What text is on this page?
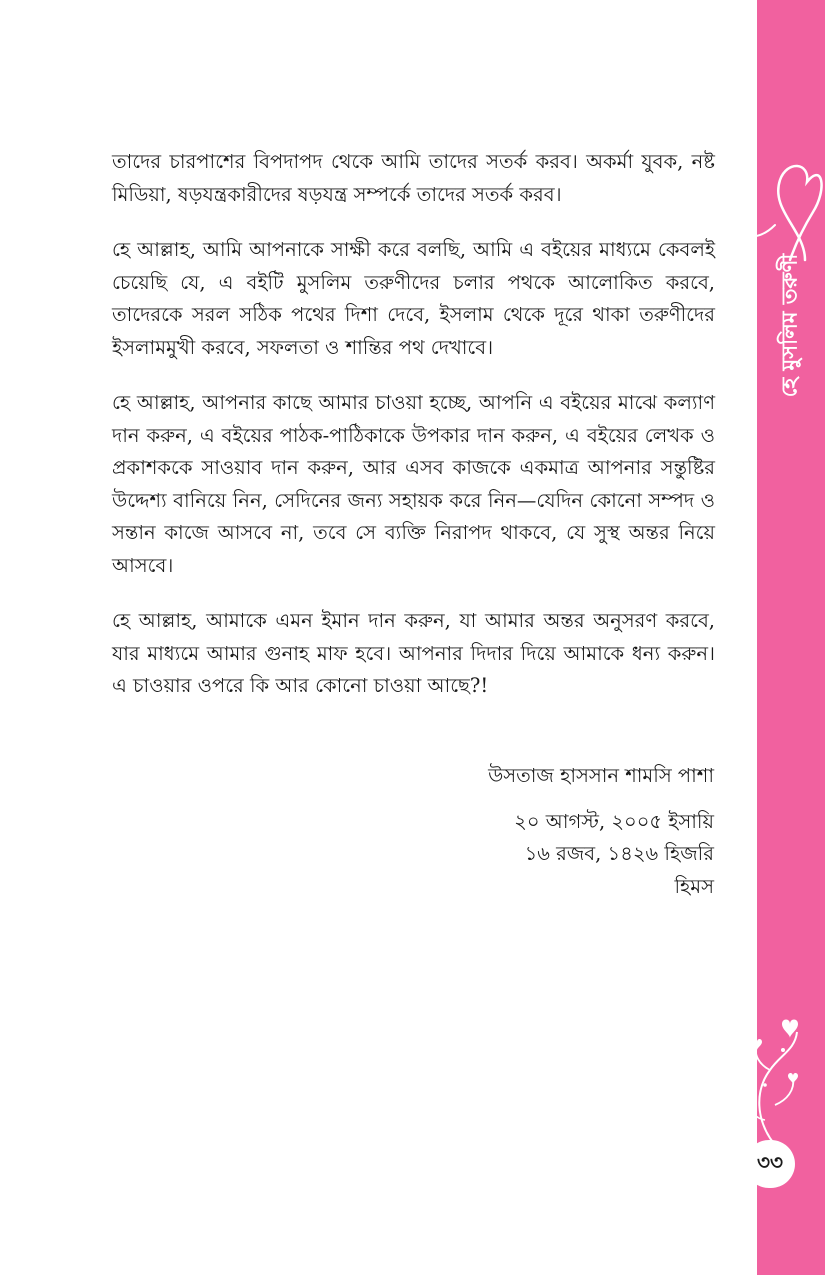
তাদের চারপাশের বিপদাপদ থেকে আমি তাদের সতর্ক করব। অকর্মা যুবক, নষ্ট মিডিয়া, ষড়যন্ত্রকারীদের ষড়যন্ত্র সম্পর্কে তাদের সতর্ক করব।

হে আল্লাহ, আমি আপনাকে সাক্ষী করে বলছি, আমি এ বইয়ের মাধ্যমে কেবলই চেয়েছি যে, এ বইটি মুসলিম তরুণীদের চলার পথকে আলোকিত করবে, তাদেরকে সরল সঠিক পথের দিশা দেবে, ইসলাম থেকে দূরে থাকা তরুণীদের ইসলামমুখী করবে, সফলতা ও শান্তির পথ দেখাবে।

হে আল্লাহ, আপনার কাছে আমার চাওয়া হচ্ছে, আপনি এ বইয়ের মাঝে কল্যাণ দান করুন, এ বইয়ের পাঠক-পাঠিকাকে উপকার দান করুন, এ বইয়ের লেখক ও প্রকাশককে সাওয়াব দান করুন, আর এসব কাজকে একমাত্র আপনার সন্তুষ্টির উদ্দেশ্য বানিয়ে নিন, সেদিনের জন্য সহায়ক করে নিন—যেদিন কোনো সম্পদ ও সন্তান কাজে আসবে না, তবে সে ব্যক্তি নিরাপদ থাকবে, যে সুস্থ অন্তর নিয়ে আসবে।

হে আল্লাহ, আমাকে এমন ইমান দান করুন, যা আমার অন্তর অনুসরণ করবে, যার মাধ্যমে আমার গুনাহ মাফ হবে। আপনার দিদার দিয়ে আমাকে ধন্য করুন। এ চাওয়ার ওপরে কি আর কোনো চাওয়া আছে?!

উসতাজ হাসসান শামসি পাশা
২০ আগস্ট, ২০০৫ ইসায়ি
১৬ রজব, ১৪২৬ হিজরি
হিমস
হে মুসলিম তরুণী
৩৩
